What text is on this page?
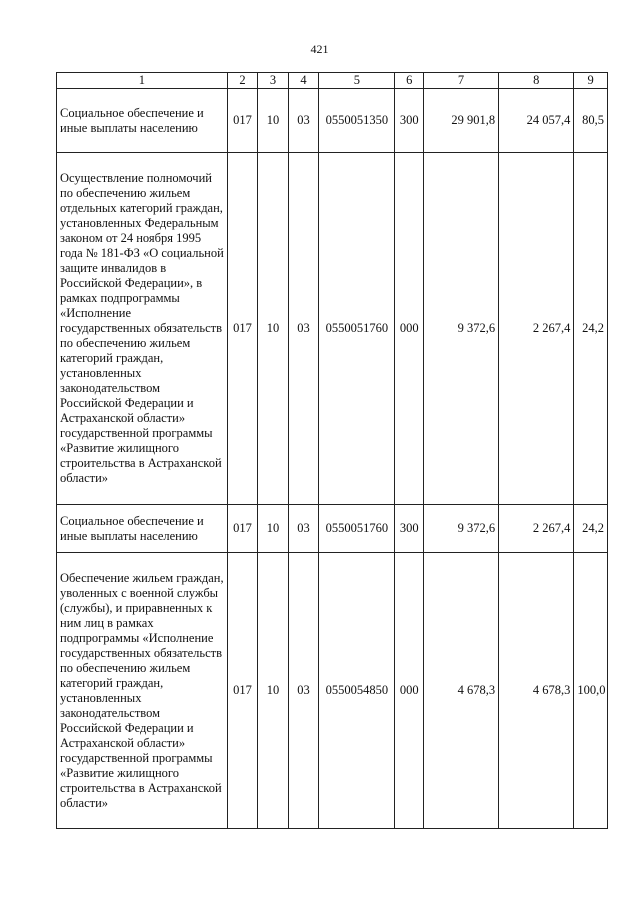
421
1	2	3	4	5	6	7	8	9
Социальное обеспечение и иные выплаты населению	017	10	03	0550051350	300	29 901,8	24 057,4	80,5
Осуществление полномочий по обеспечению жильем отдельных категорий граждан, установленных Федеральным законом от 24 ноября 1995 года № 181-ФЗ «О социальной защите инвалидов в Российской Федерации», в рамках подпрограммы «Исполнение государственных обязательств по обеспечению жильем категорий граждан, установленных законодательством Российской Федерации и Астраханской области» государственной программы «Развитие жилищного строительства в Астраханской области»	017	10	03	0550051760	000	9 372,6	2 267,4	24,2
Социальное обеспечение и иные выплаты населению	017	10	03	0550051760	300	9 372,6	2 267,4	24,2
Обеспечение жильем граждан, уволенных с военной службы (службы), и приравненных к ним лиц в рамках подпрограммы «Исполнение государственных обязательств по обеспечению жильем категорий граждан, установленных законодательством Российской Федерации и Астраханской области» государственной программы «Развитие жилищного строительства в Астраханской области»	017	10	03	0550054850	000	4 678,3	4 678,3	100,0
